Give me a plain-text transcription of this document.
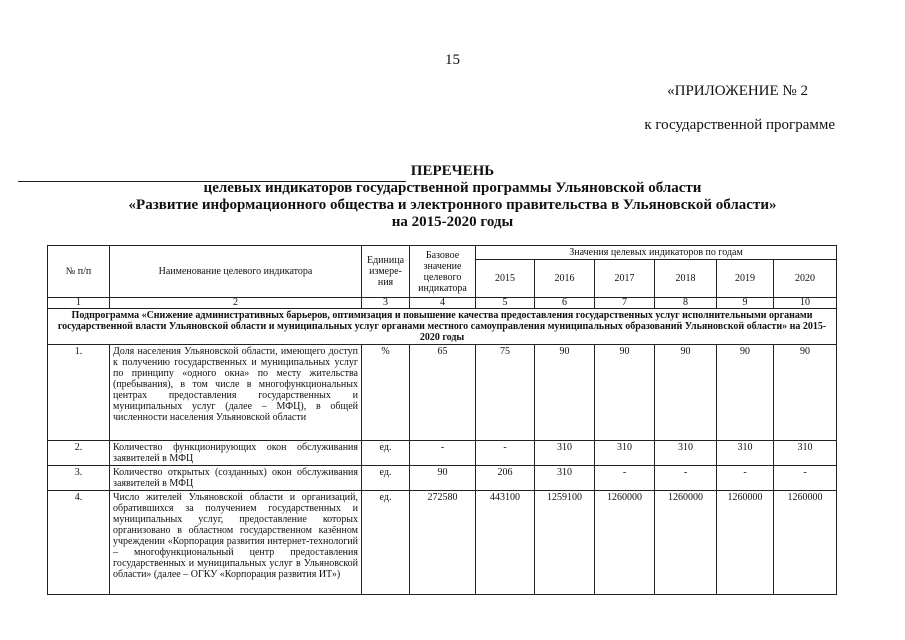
15
«ПРИЛОЖЕНИЕ № 2
к государственной программе
ПЕРЕЧЕНЬ
целевых индикаторов государственной программы Ульяновской области
«Развитие информационного общества и электронного правительства в Ульяновской области»
на 2015-2020 годы
№ п/п	Наименование целевого индикатора	Единица измере-ния	Базовое значение целевого индикатора	Значения целевых индикаторов по годам					
				2015	2016	2017	2018	2019	2020
1	2	3	4	5	6	7	8	9	10
Подпрограмма «Снижение административных барьеров, оптимизация и повышение качества предоставления государственных услуг исполнительными органами государственной власти Ульяновской области и муниципальных услуг органами местного самоуправления муниципальных образований Ульяновской области» на 2015-2020 годы									
1.	Доля населения Ульяновской области, имеющего доступ к получению государственных и муниципальных услуг по принципу «одного окна» по месту жительства (пребывания), в том числе в многофункциональных центрах предоставления государственных и муниципальных услуг (далее – МФЦ), в общей численности населения Ульяновской области	%	65	75	90	90	90	90	90
2.	Количество функционирующих окон обслуживания заявителей в МФЦ	ед.	-	-	310	310	310	310	310
3.	Количество открытых (созданных) окон обслуживания заявителей в МФЦ	ед.	90	206	310	-	-	-	-
4.	Число жителей Ульяновской области и организаций, обратившихся за получением государственных и муниципальных услуг, предоставление которых организовано в областном государственном казённом учреждении «Корпорация развития интернет-технологий – многофункциональный центр предоставления государственных и муниципальных услуг в Ульяновской области» (далее – ОГКУ «Корпорация развития ИТ»)	ед.	272580	443100	1259100	1260000	1260000	1260000	1260000
